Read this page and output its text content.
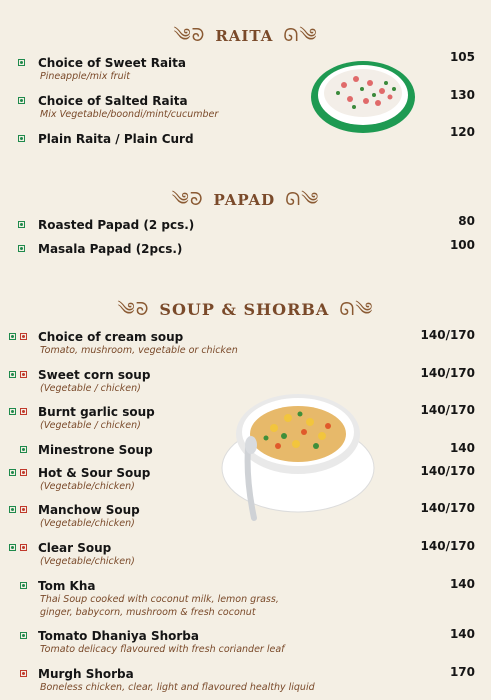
༄ᘐ RAITA ᘏ༄
Choice of Sweet Raita
Pineapple/mix fruit
105
Choice of Salted Raita
Mix Vegetable/boondi/mint/cucumber
130
Plain Raita / Plain Curd	120
༄ᘐ PAPAD ᘏ༄
Roasted Papad (2 pcs.)	80
Masala Papad (2pcs.)	100
༄ᘐ SOUP & SHORBA ᘏ༄
Choice of cream soup
Tomato, mushroom, vegetable or chicken
140/170
Sweet corn soup
(Vegetable / chicken)
140/170
Burnt garlic soup
(Vegetable / chicken)
140/170
Minestrone Soup	140
Hot & Sour Soup
(Vegetable/chicken)
140/170
Manchow Soup
(Vegetable/chicken)
140/170
Clear Soup
(Vegetable/chicken)
140/170
Tom Kha
Thai Soup cooked with coconut milk, lemon grass,
ginger, babycorn, mushroom & fresh coconut
140
Tomato Dhaniya Shorba
Tomato delicacy flavoured with fresh coriander leaf
140
Murgh Shorba
Boneless chicken, clear, light and flavoured healthy liquid
170
